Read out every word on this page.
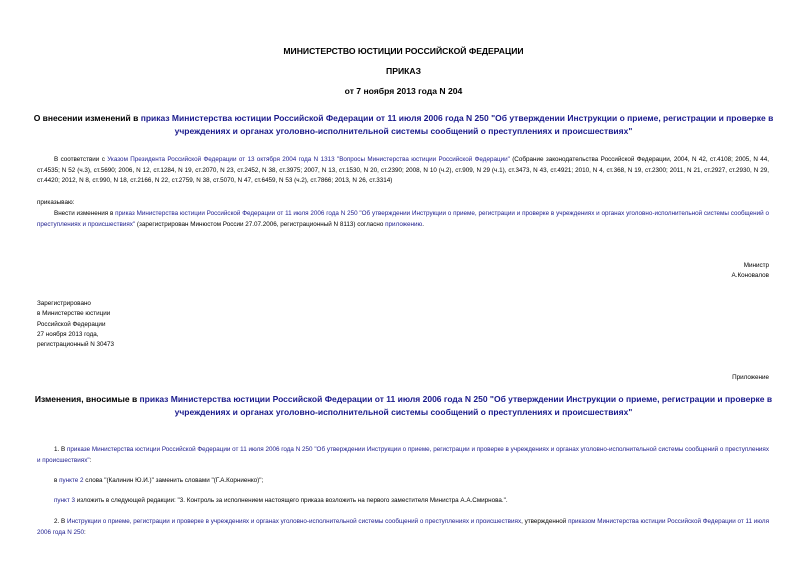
МИНИСТЕРСТВО ЮСТИЦИИ РОССИЙСКОЙ ФЕДЕРАЦИИ
ПРИКАЗ
от 7 ноября 2013 года N 204
О внесении изменений в приказ Министерства юстиции Российской Федерации от 11 июля 2006 года N 250 "Об утверждении Инструкции о приеме, регистрации и проверке в учреждениях и органах уголовно-исполнительной системы сообщений о преступлениях и происшествиях"
В соответствии с Указом Президента Российской Федерации от 13 октября 2004 года N 1313 "Вопросы Министерства юстиции Российской Федерации" (Собрание законодательства Российской Федерации, 2004, N 42, ст.4108; 2005, N 44, ст.4535; N 52 (ч.3), ст.5690; 2006, N 12, ст.1284, N 19, ст.2070, N 23, ст.2452, N 38, ст.3975; 2007, N 13, ст.1530, N 20, ст.2390; 2008, N 10 (ч.2), ст.909, N 29 (ч.1), ст.3473, N 43, ст.4921; 2010, N 4, ст.368, N 19, ст.2300; 2011, N 21, ст.2927, ст.2930, N 29, ст.4420; 2012, N 8, ст.990, N 18, ст.2166, N 22, ст.2759, N 38, ст.5070, N 47, ст.6459, N 53 (ч.2), ст.7866; 2013, N 26, ст.3314)
приказываю:
Внести изменения в приказ Министерства юстиции Российской Федерации от 11 июля 2006 года N 250 "Об утверждении Инструкции о приеме, регистрации и проверке в учреждениях и органах уголовно-исполнительной системы сообщений о преступлениях и происшествиях" (зарегистрирован Минюстом России 27.07.2006, регистрационный N 8113) согласно приложению.
Министр
А.Коновалов
Зарегистрировано
в Министерстве юстиции
Российской Федерации
27 ноября 2013 года,
регистрационный N 30473
Приложение
Изменения, вносимые в приказ Министерства юстиции Российской Федерации от 11 июля 2006 года N 250 "Об утверждении Инструкции о приеме, регистрации и проверке в учреждениях и органах уголовно-исполнительной системы сообщений о преступлениях и происшествиях"
1. В приказе Министерства юстиции Российской Федерации от 11 июля 2006 года N 250 "Об утверждении Инструкции о приеме, регистрации и проверке в учреждениях и органах уголовно-исполнительной системы сообщений о преступлениях и происшествиях":
в пункте 2 слова "(Калинин Ю.И.)" заменить словами "(Г.А.Корниенко)";
пункт 3 изложить в следующей редакции: "3. Контроль за исполнением настоящего приказа возложить на первого заместителя Министра А.А.Смирнова.".
2. В Инструкции о приеме, регистрации и проверке в учреждениях и органах уголовно-исполнительной системы сообщений о преступлениях и происшествиях, утвержденной приказом Министерства юстиции Российской Федерации от 11 июля 2006 года N 250:
